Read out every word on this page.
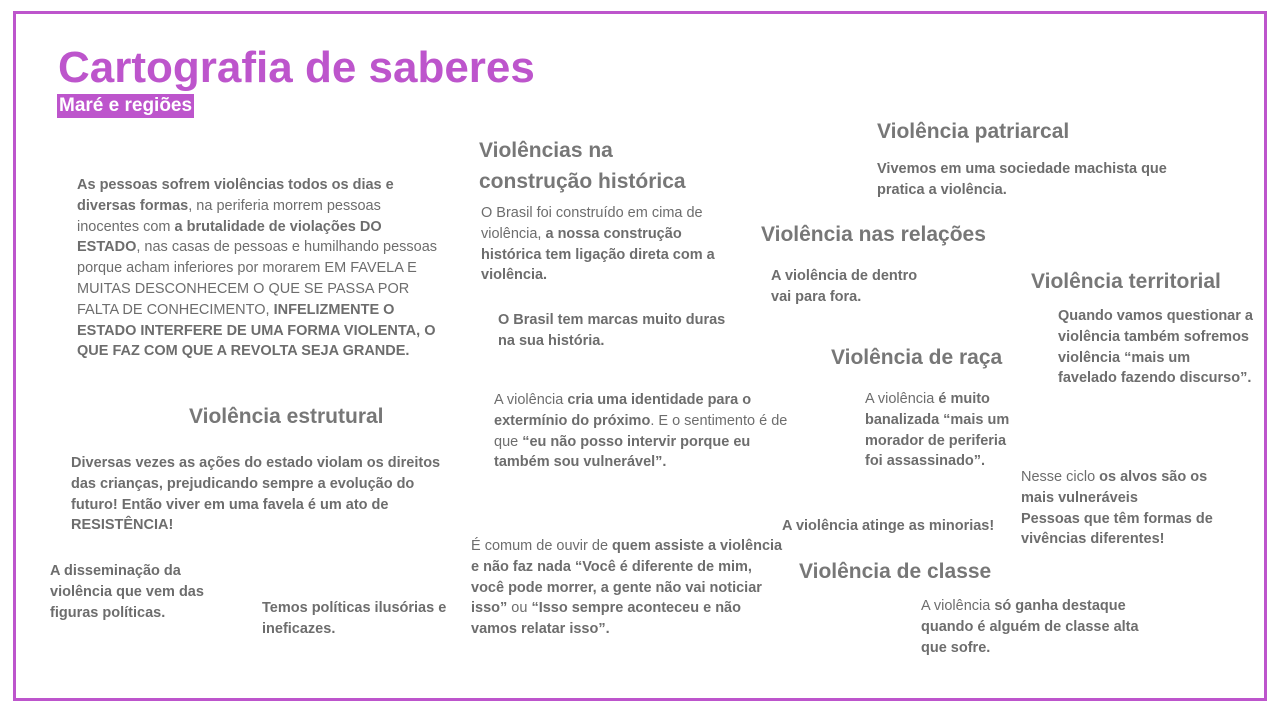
Cartografia de saberes
Maré e regiões

As pessoas sofrem violências todos os dias e diversas formas, na periferia morrem pessoas inocentes com a brutalidade de violações DO ESTADO, nas casas de pessoas e humilhando pessoas porque acham inferiores por morarem EM FAVELA E MUITAS DESCONHECEM O QUE SE PASSA POR FALTA DE CONHECIMENTO, INFELIZMENTE O ESTADO INTERFERE DE UMA FORMA VIOLENTA, O QUE FAZ COM QUE A REVOLTA SEJA GRANDE.

Violência estrutural

Diversas vezes as ações do estado violam os direitos das crianças, prejudicando sempre a evolução do futuro! Então viver em uma favela é um ato de RESISTÊNCIA!

A disseminação da violência que vem das figuras políticas.	Temos políticas ilusórias e ineficazes.

Violências na construção histórica

O Brasil foi construído em cima de violência, a nossa construção histórica tem ligação direta com a violência.

O Brasil tem marcas muito duras na sua história.

A violência cria uma identidade para o extermínio do próximo. E o sentimento é de que “eu não posso intervir porque eu também sou vulnerável”.

É comum de ouvir de quem assiste a violência e não faz nada “Você é diferente de mim, você pode morrer, a gente não vai noticiar isso” ou “Isso sempre aconteceu e não vamos relatar isso”.

Violência patriarcal

Vivemos em uma sociedade machista que pratica a violência.

Violência nas relações

A violência de dentro vai para fora.

Violência territorial

Quando vamos questionar a violência também sofremos violência “mais um favelado fazendo discurso”.

Violência de raça

A violência é muito banalizada “mais um morador de periferia foi assassinado”.

Nesse ciclo os alvos são os mais vulneráveis
Pessoas que têm formas de vivências diferentes!

A violência atinge as minorias!

Violência de classe

A violência só ganha destaque quando é alguém de classe alta que sofre.
